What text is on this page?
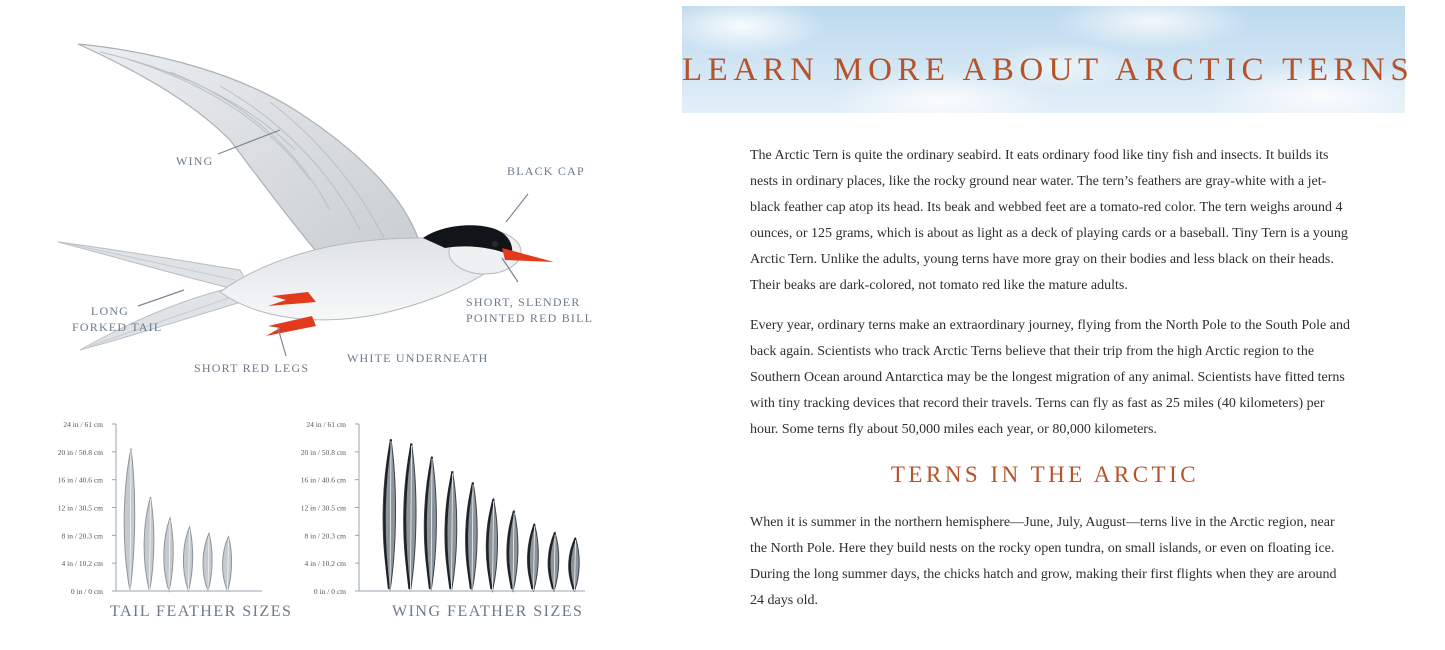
WING
BLACK CAP
LONG
FORKED TAIL
SHORT, SLENDER
POINTED RED BILL
SHORT RED LEGS
WHITE UNDERNEATH
0 in / 0 cm
4 in / 10.2 cm
8 in / 20.3 cm
12 in / 30.5 cm
16 in / 40.6 cm
20 in / 50.8 cm
24 in / 61 cm
0 in / 0 cm
4 in / 10.2 cm
8 in / 20.3 cm
12 in / 30.5 cm
16 in / 40.6 cm
20 in / 50.8 cm
24 in / 61 cm
TAIL FEATHER SIZES	WING FEATHER SIZES
LEARN MORE ABOUT ARCTIC TERNS

The Arctic Tern is quite the ordinary seabird. It eats ordinary food like tiny fish and insects. It builds its nests in ordinary places, like the rocky ground near water. The tern’s feathers are gray-white with a jet-black feather cap atop its head. Its beak and webbed feet are a tomato-red color. The tern weighs around 4 ounces, or 125 grams, which is about as light as a deck of playing cards or a baseball. Tiny Tern is a young Arctic Tern. Unlike the adults, young terns have more gray on their bodies and less black on their heads. Their beaks are dark-colored, not tomato red like the mature adults.

Every year, ordinary terns make an extraordinary journey, flying from the North Pole to the South Pole and back again. Scientists who track Arctic Terns believe that their trip from the high Arctic region to the Southern Ocean around Antarctica may be the longest migration of any animal. Scientists have fitted terns with tiny tracking devices that record their travels. Terns can fly as fast as 25 miles (40 kilometers) per hour. Some terns fly about 50,000 miles each year, or 80,000 kilometers.

TERNS IN THE ARCTIC

When it is summer in the northern hemisphere—June, July, August—terns live in the Arctic region, near the North Pole. Here they build nests on the rocky open tundra, on small islands, or even on floating ice. During the long summer days, the chicks hatch and grow, making their first flights when they are around 24 days old.
